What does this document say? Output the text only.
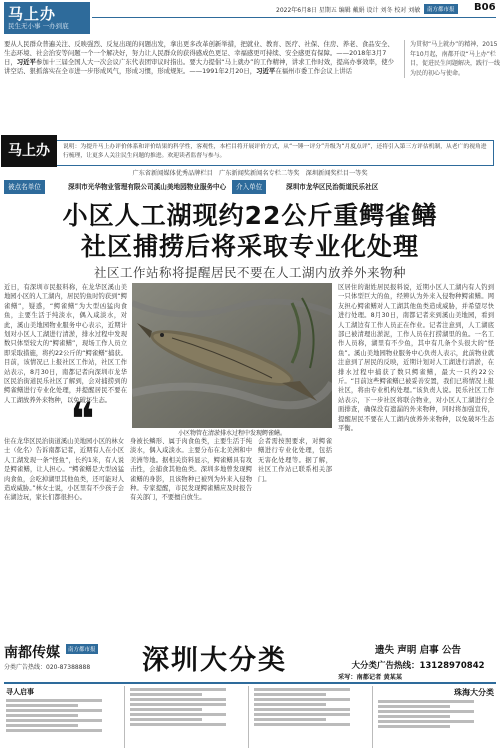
马上办
民生无小事 一办到底
2022年6月8日 星期五 编辑 戴娟 设计 刘冬 校对 刘敏	南方都市报	B06
要从人民群众普遍关注、反映强烈、反复出现的问题出发，拿出更多改革创新举措，把就业、教育、医疗、社保、住房、养老、食品安全、生态环境、社会治安等问题一个一个解决好，努力让人民群众的获得感成色更足、幸福感更可持续、安全感更有保障。——2018年3月7日，习近平参加十三届全国人大一次会议广东代表团审议时指出。要大力提倡“马上就办”的工作精神，讲求工作时效，提高办事效率，使少讲空话、狠抓落实在全市进一步形成风气，形成习惯，形成规矩。——1991年2月20日，习近平在福州市委工作会议上讲话
为贯彻“马上就办”的精神，2015年10月起，南都开设“马上办”栏目，促进民生问题解决，践行一线为民的初心与使命。
马上办	说明：为提升马上办评价体系和评价结果的科学性，客观性，本栏目将开展评价方式，从“一锤一评分”升级为“月度点评”，还将引入第三方评估机制，从老广的视角进行梳理，让更多人关注民生问题的推进。欢迎读者监督与参与。
广东省新闻媒体优秀品牌栏目　广东新闻奖新闻名专栏二等奖　深圳新闻奖栏目一等奖
被点名单位	深圳市光华物业管理有限公司溪山美地园物业服务中心	介入单位	深圳市龙华区民治街道民乐社区
小区人工湖现约22公斤重鳄雀鳝
社区捕捞后将采取专业化处理
社区工作站称将提醒居民不要在人工湖内放养外来物种
近日，有深圳市民报料称，在龙华区溪山美地园小区的人工湖内，居民钓鱼时钓获到“鳄雀鳝”，疑惑，“鳄雀鳝”为大型凶猛肉食鱼，主要生活于纯淡水，偶入咸淡水，对此，溪山美地园物业服务中心表示，近期计划对小区人工湖进行清淤，排水过程中发现数只体型较大的“鳄雀鳝”，现场工作人员立即采取措施，将约22公斤的“鳄雀鳝”捕获。目前，该情况已上报社区工作站，社区工作站表示，8月30日，南都记者向深圳市龙华区民治街道民乐社区了解到，会对捕捞到的鳄雀鳝进行专业化处理，并提醒居民不要在人工湖放养外来物种，以免破坏生态。
❝	小区物管在清淤排水过程中发现鳄雀鳝。
区居住的谢姓居民报料说，近期小区人工湖内有人钓到一只体型巨大的鱼，经辨认为外来入侵物种鳄雀鳝。网友担心鳄雀鳝对人工湖其他鱼类造成威胁，并希望尽快进行处理。8月30日，南都记者来到溪山美地园，看到人工湖边有工作人员正在作业。记者注意到，人工湖底部已被清理出淤泥，工作人员在打捞湖里的鱼。一名工作人员称，湖里有不少鱼，其中有几条个头很大的“怪鱼”。溪山美地园物业服务中心负责人表示，此前物业就注意到了居民的反映，近期计划对人工湖进行清淤，在排水过程中捕获了数只鳄雀鳝，最大一只约22公斤。“目前这些鳄雀鳝已被妥善安置，我们已将情况上报社区，将由专业机构处理。”该负责人说。民乐社区工作站表示，下一步社区将联合物业，对小区人工湖进行全面排查，确保没有遗漏的外来物种，同时将加强宣传，提醒居民不要在人工湖内放养外来物种，以免破坏生态平衡。
住在龙华区民治街道溪山美地园小区的林女士（化名）告诉南都记者，近期有人在小区人工湖发现一条“怪鱼”，长约1米，有人说是鳄雀鳝，让人担心。“鳄雀鳝是大型凶猛肉食鱼，会吃掉湖里其他鱼类，还可能对人造成威胁。”林女士说，小区里有不少孩子会在湖边玩，家长们都很担心。
身被长鳞形、属于肉食鱼类，主要生活于纯淡水，偶入咸淡水。主要分布在北美洲和中美洲等地。据相关资料显示，鳄雀鳝具有攻击性，会捕食其他鱼类。深圳多地曾发现鳄雀鳝的身影，且该物种已被列为外来入侵物种。专家提醒，市民发现鳄雀鳝应及时报告有关部门，不要擅自放生。
会者需按照要求，对鳄雀鳝进行专业化处理，包括无害化处理等。据了解，社区工作站已联系相关部门。
采写：南都记者 黄某某
南都传媒	南方都市报
分类广告热线：020-87388888 深圳大分类	遗失 声明 启事 公告
大分类广告热线：13128970842
寻人启事	珠海大分类
